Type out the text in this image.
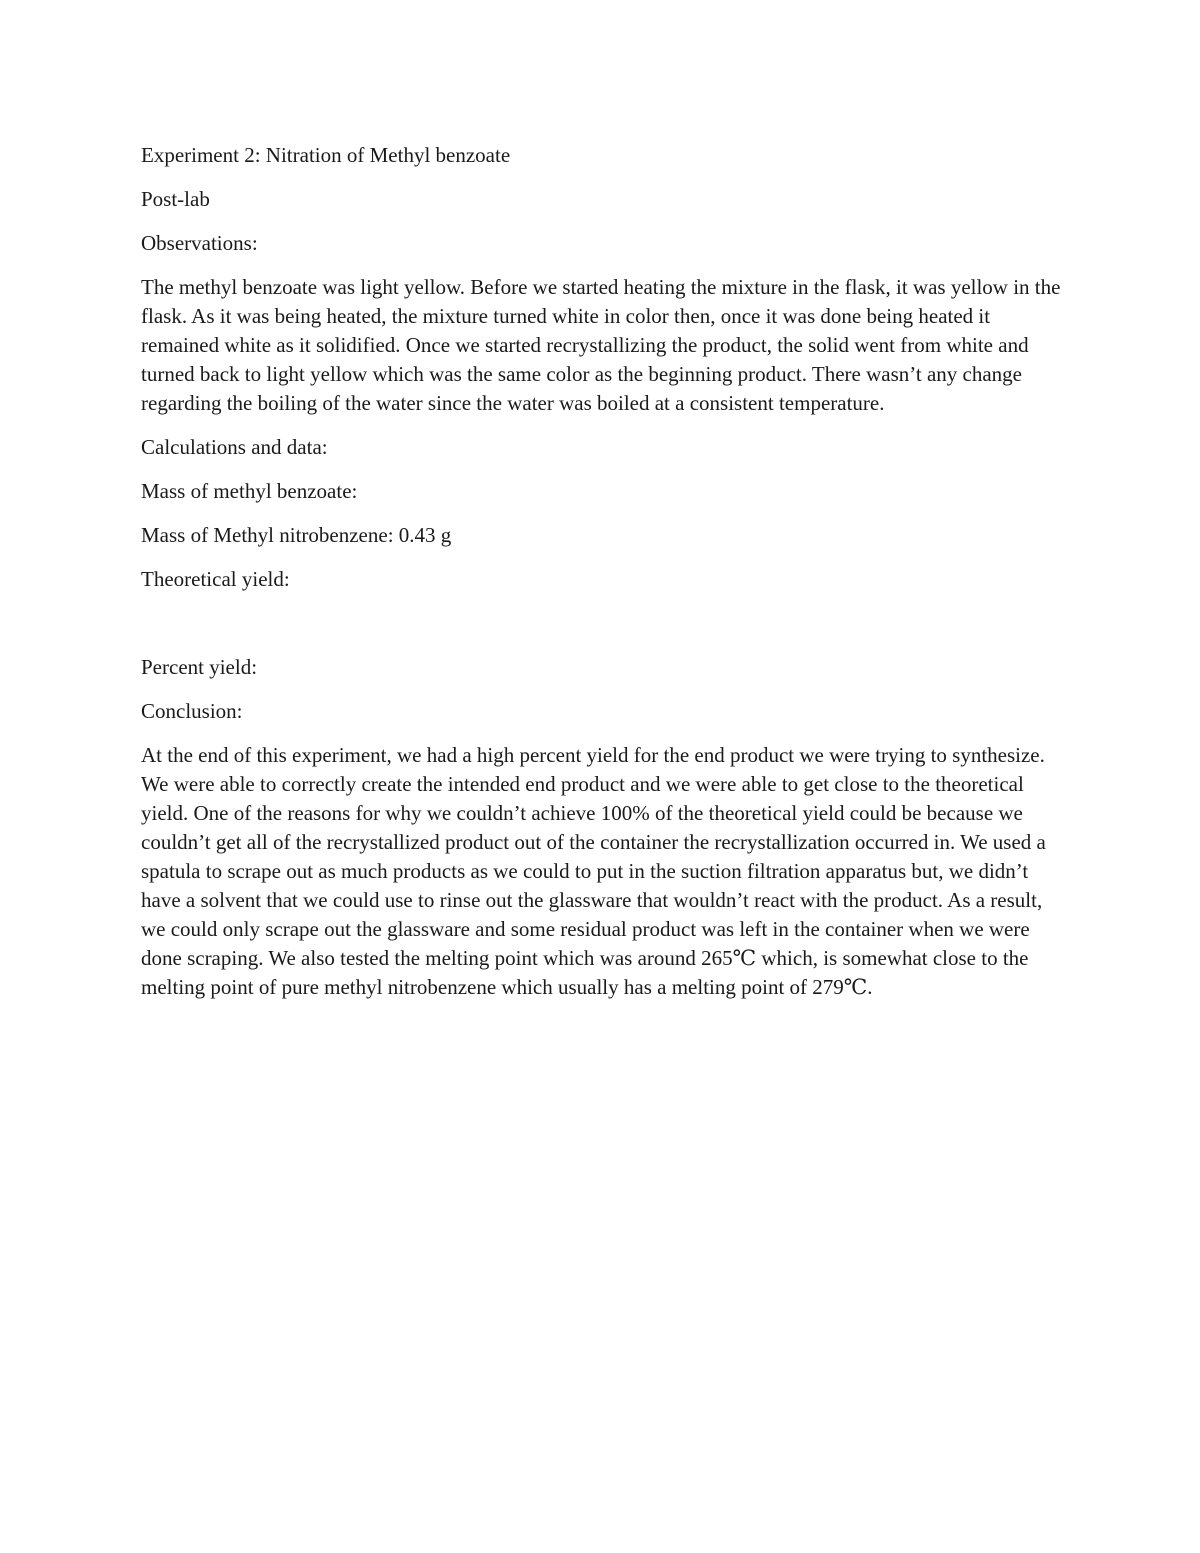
Experiment 2: Nitration of Methyl benzoate

Post-lab

Observations:

The methyl benzoate was light yellow. Before we started heating the mixture in the flask, it was yellow in the flask. As it was being heated, the mixture turned white in color then, once it was done being heated it remained white as it solidified. Once we started recrystallizing the product, the solid went from white and turned back to light yellow which was the same color as the beginning product. There wasn’t any change regarding the boiling of the water since the water was boiled at a consistent temperature.

Calculations and data:

Mass of methyl benzoate:

Mass of Methyl nitrobenzene: 0.43 g

Theoretical yield:

Percent yield:

Conclusion:

At the end of this experiment, we had a high percent yield for the end product we were trying to synthesize. We were able to correctly create the intended end product and we were able to get close to the theoretical yield. One of the reasons for why we couldn’t achieve 100% of the theoretical yield could be because we couldn’t get all of the recrystallized product out of the container the recrystallization occurred in. We used a spatula to scrape out as much products as we could to put in the suction filtration apparatus but, we didn’t have a solvent that we could use to rinse out the glassware that wouldn’t react with the product. As a result, we could only scrape out the glassware and some residual product was left in the container when we were done scraping. We also tested the melting point which was around 265℃ which, is somewhat close to the melting point of pure methyl nitrobenzene which usually has a melting point of 279℃.
